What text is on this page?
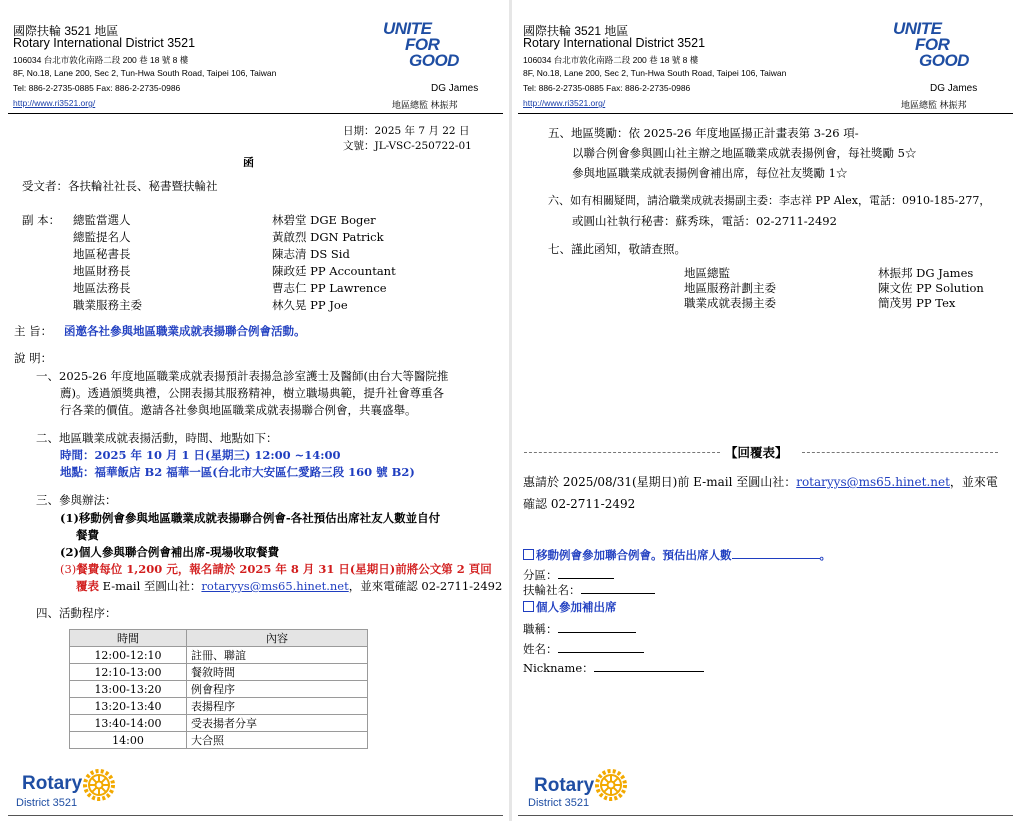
國際扶輪 3521 地區
Rotary International District 3521
106034 台北市敦化南路二段 200 巷 18 號 8 樓
8F, No.18, Lane 200, Sec 2, Tun-Hwa South Road, Taipei 106, Taiwan
Tel: 886-2-2735-0885 Fax: 886-2-2735-0986
http://www.ri3521.org/
UNITE
FOR
GOOD
DG James
地區總監 林振邦
日期：2025 年 7 月 22 日
文號：JL-VSC-250722-01
函
受文者：各扶輪社社長、秘書暨扶輪社
副 本： 總監當選人	林碧堂 DGE Boger
總監提名人	黃啟烈 DGN Patrick
地區秘書長	陳志清 DS Sid
地區財務長	陳政廷 PP Accountant
地區法務長	曹志仁 PP Lawrence
職業服務主委	林久晃 PP Joe
主 旨： 函邀各社參與地區職業成就表揚聯合例會活動。
說 明：
一、2025-26 年度地區職業成就表揚預計表揚急診室護士及醫師(由台大等醫院推
薦)。透過頒獎典禮，公開表揚其服務精神，樹立職場典範，提升社會尊重各
行各業的價值。邀請各社參與地區職業成就表揚聯合例會，共襄盛舉。
二、地區職業成就表揚活動，時間、地點如下：
時間：2025 年 10 月 1 日(星期三) 12:00 ~14:00
地點：福華飯店 B2 福華一區(台北市大安區仁愛路三段 160 號 B2)
三、參與辦法：
(1)移動例會參與地區職業成就表揚聯合例會-各社預估出席社友人數並自付
餐費
(2)個人參與聯合例會補出席-現場收取餐費
(3)餐費每位 1,200 元，報名請於 2025 年 8 月 31 日(星期日)前將公文第 2 頁回
覆表 E-mail 至圓山社：rotaryys@ms65.hinet.net，並來電確認 02-2711-2492
四、活動程序：
時間	內容
12:00-12:10	註冊、聯誼
12:10-13:00	餐敘時間
13:00-13:20	例會程序
13:20-13:40	表揚程序
13:40-14:00	受表揚者分享
14:00	大合照
Rotary
District 3521
國際扶輪 3521 地區
Rotary International District 3521
106034 台北市敦化南路二段 200 巷 18 號 8 樓
8F, No.18, Lane 200, Sec 2, Tun-Hwa South Road, Taipei 106, Taiwan
Tel: 886-2-2735-0885 Fax: 886-2-2735-0986
http://www.ri3521.org/
UNITE
FOR
GOOD
DG James
地區總監 林振邦
五、地區獎勵：依 2025-26 年度地區揚正計畫表第 3-26 項-
以聯合例會參與圓山社主辦之地區職業成就表揚例會，每社獎勵 5☆
參與地區職業成就表揚例會補出席，每位社友獎勵 1☆
六、如有相關疑問，請洽職業成就表揚副主委：李志祥 PP Alex，電話：0910-185-277，
或圓山社執行秘書：蘇秀珠，電話：02-2711-2492
七、謹此函知，敬請查照。
地區總監	林振邦 DG James
地區服務計劃主委	陳文佐 PP Solution
職業成就表揚主委	簡茂男 PP Tex
【回覆表】
惠請於 2025/08/31(星期日)前 E-mail 至圓山社：rotaryys@ms65.hinet.net，並來電
確認 02-2711-2492
移動例會參加聯合例會。預估出席人數	。
分區：
扶輪社名：
個人參加補出席
職稱：
姓名：
Nickname：
Rotary
District 3521
